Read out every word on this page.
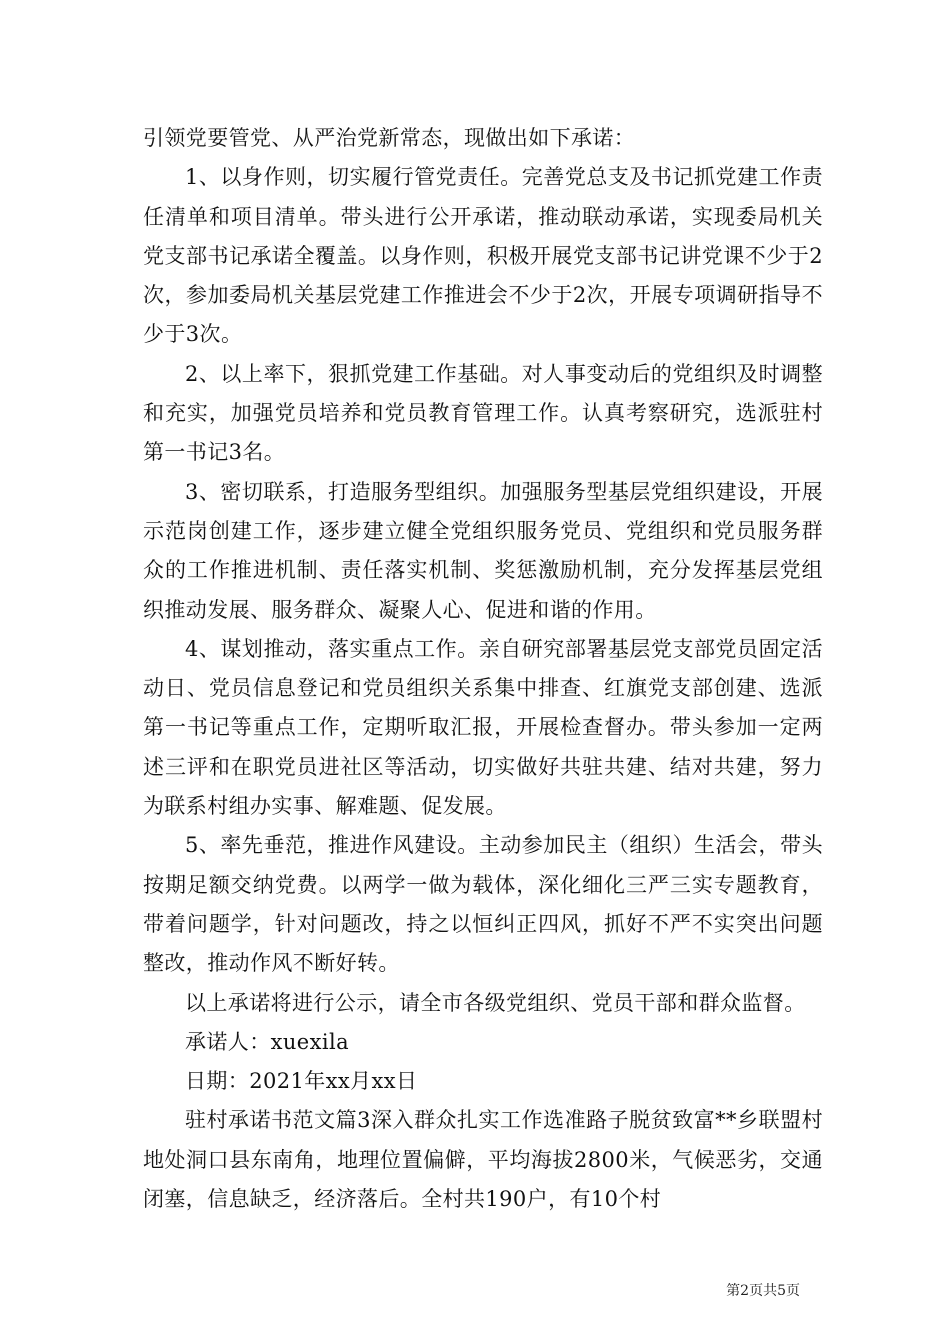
引领党要管党、从严治党新常态，现做出如下承诺：

1、以身作则，切实履行管党责任。完善党总支及书记抓党建工作责任清单和项目清单。带头进行公开承诺，推动联动承诺，实现委局机关党支部书记承诺全覆盖。以身作则，积极开展党支部书记讲党课不少于2次，参加委局机关基层党建工作推进会不少于2次，开展专项调研指导不少于3次。

2、以上率下，狠抓党建工作基础。对人事变动后的党组织及时调整和充实，加强党员培养和党员教育管理工作。认真考察研究，选派驻村第一书记3名。

3、密切联系，打造服务型组织。加强服务型基层党组织建设，开展示范岗创建工作，逐步建立健全党组织服务党员、党组织和党员服务群众的工作推进机制、责任落实机制、奖惩激励机制，充分发挥基层党组织推动发展、服务群众、凝聚人心、促进和谐的作用。

4、谋划推动，落实重点工作。亲自研究部署基层党支部党员固定活动日、党员信息登记和党员组织关系集中排查、红旗党支部创建、选派第一书记等重点工作，定期听取汇报，开展检查督办。带头参加一定两述三评和在职党员进社区等活动，切实做好共驻共建、结对共建，努力为联系村组办实事、解难题、促发展。

5、率先垂范，推进作风建设。主动参加民主（组织）生活会，带头按期足额交纳党费。以两学一做为载体，深化细化三严三实专题教育，带着问题学，针对问题改，持之以恒纠正四风，抓好不严不实突出问题整改，推动作风不断好转。

以上承诺将进行公示，请全市各级党组织、党员干部和群众监督。

承诺人：xuexila

日期：2021年xx月xx日

驻村承诺书范文篇3深入群众扎实工作选准路子脱贫致富**乡联盟村地处洞口县东南角，地理位置偏僻，平均海拔2800米，气候恶劣，交通闭塞，信息缺乏，经济落后。全村共190户，有10个村

第2页共5页
